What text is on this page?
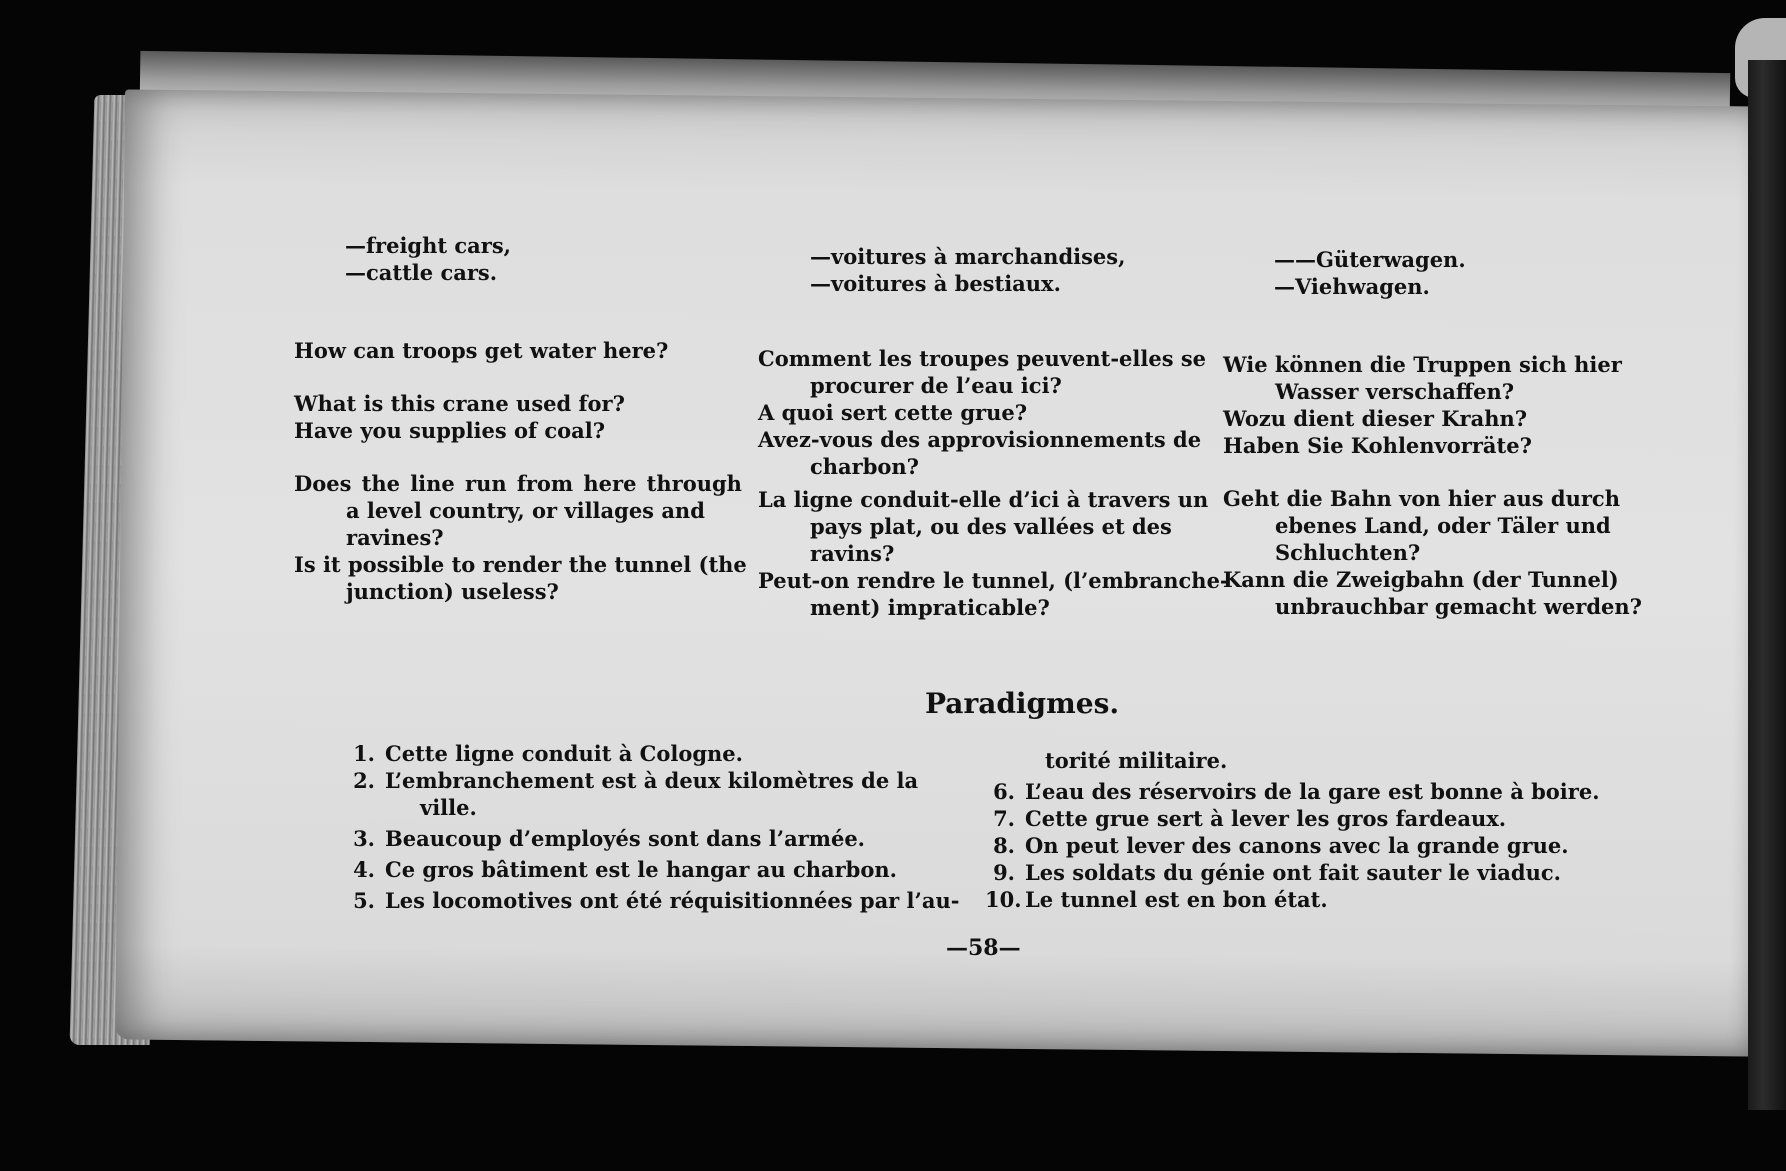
—freight cars,
—cattle cars.
—voitures à marchandises,
—voitures à bestiaux.
——Güterwagen.
—Viehwagen.
How can troops get water here?
What is this crane used for?
Have you supplies of coal?
Does the line run from here through
a level country, or villages and
ravines?
Is it possible to render the tunnel (the
junction) useless?
Comment les troupes peuvent-elles se
procurer de l’eau ici?
A quoi sert cette grue?
Avez-vous des approvisionnements de
charbon?
La ligne conduit-elle d’ici à travers un
pays plat, ou des vallées et des
ravins?
Peut-on rendre le tunnel, (l’embranche-
ment) impraticable?
Wie können die Truppen sich hier
Wasser verschaffen?
Wozu dient dieser Krahn?
Haben Sie Kohlenvorräte?
Geht die Bahn von hier aus durch
ebenes Land, oder Täler und
Schluchten?
Kann die Zweigbahn (der Tunnel)
unbrauchbar gemacht werden?
Paradigmes.
1. Cette ligne conduit à Cologne.
2. L’embranchement est à deux kilomètres de la
ville.
3. Beaucoup d’employés sont dans l’armée.
4. Ce gros bâtiment est le hangar au charbon.
5. Les locomotives ont été réquisitionnées par l’au-
torité militaire.
6. L’eau des réservoirs de la gare est bonne à boire.
7. Cette grue sert à lever les gros fardeaux.
8. On peut lever des canons avec la grande grue.
9. Les soldats du génie ont fait sauter le viaduc.
10. Le tunnel est en bon état.
—58—
